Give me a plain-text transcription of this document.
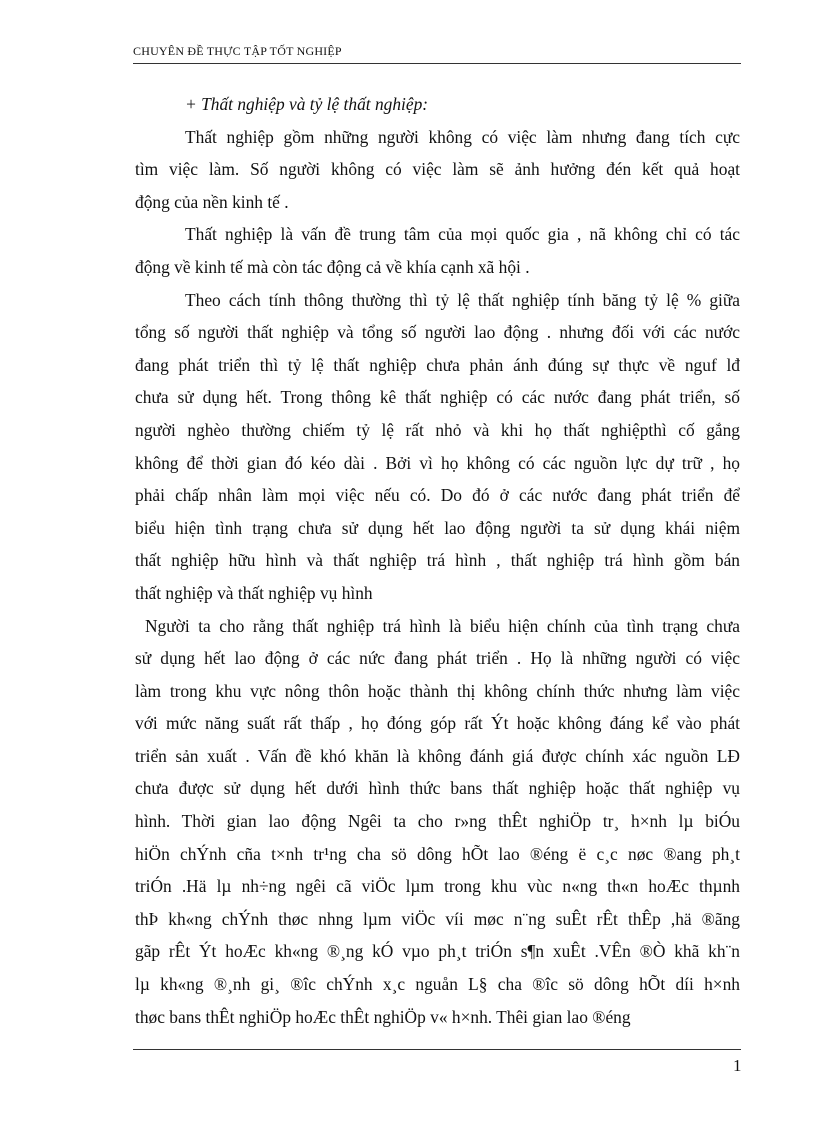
CHUYÊN ĐỀ THỰC TẬP TỐT NGHIỆP
+ Thất nghiệp và tỷ lệ thất nghiệp:
Thất nghiệp gồm những người không có việc làm nhưng đang tích cực
tìm việc làm. Số người không có việc làm sẽ ảnh hưởng đén kết quả hoạt
động của nền kinh tế .
Thất nghiệp là vấn đề trung tâm của mọi quốc gia , nã không chỉ có tác
động về kinh tế mà còn tác động cả về khía cạnh xã hội .
Theo cách tính thông thường thì tỷ lệ thất nghiệp tính băng tỷ lệ % giữa
tổng số người thất nghiệp và tổng số người lao động . nhưng đối với các nước
đang phát triển thì tỷ lệ thất nghiệp chưa phản ánh đúng sự thực về nguf lđ
chưa sử dụng hết. Trong thông kê thất nghiệp có các nước đang phát triển, số
người nghèo thường chiếm tỷ lệ rất nhỏ và khi họ thất nghiệpthì cố gắng
không để thời gian đó kéo dài . Bởi vì họ không có các nguồn lực dự trữ , họ
phải chấp nhân làm mọi việc nếu có. Do đó ở các nước đang phát triển để
biểu hiện tình trạng chưa sử dụng hết lao động người ta sử dụng khái niệm
thất nghiệp hữu hình và thất nghiệp trá hình , thất nghiệp trá hình gồm bán
thất nghiệp và thất nghiệp vụ hình
Người ta cho rằng thất nghiệp trá hình là biểu hiện chính của tình trạng chưa
sử dụng hết lao động ở các nức đang phát triển . Họ là những người có việc
làm trong khu vực nông thôn hoặc thành thị không chính thức nhưng làm việc
với mức năng suất rất thấp , họ đóng góp rất Ýt hoặc không đáng kể vào phát
triển sản xuất . Vấn đề khó khăn là không đánh giá được chính xác nguồn LĐ
chưa được sử dụng hết dưới hình thức bans thất nghiệp hoặc thất nghiệp vụ
hình. Thời gian lao động Ngêi ta cho r»ng thÊt nghiÖp tr¸ h×nh lµ biÓu
hiÖn chÝnh cña t×nh tr¹ng cha sö dông hÕt lao ®éng ë c¸c nøc ®ang ph¸t
triÓn .Hä lµ nh÷ng ngêi cã viÖc lµm trong khu vùc n«ng th«n hoÆc thµnh
thÞ kh«ng chÝnh thøc nhng lµm viÖc víi møc n¨ng suÊt rÊt thÊp ,hä ®ãng
gãp rÊt Ýt hoÆc kh«ng ®¸ng kÓ vµo ph¸t triÓn s¶n xuÊt .VÊn ®Ò khã kh¨n
lµ kh«ng ®¸nh gi¸ ®îc chÝnh x¸c nguån L§ cha ®îc sö dông hÕt díi h×nh
thøc bans thÊt nghiÖp hoÆc thÊt nghiÖp v« h×nh. Thêi gian lao ®éng
1
